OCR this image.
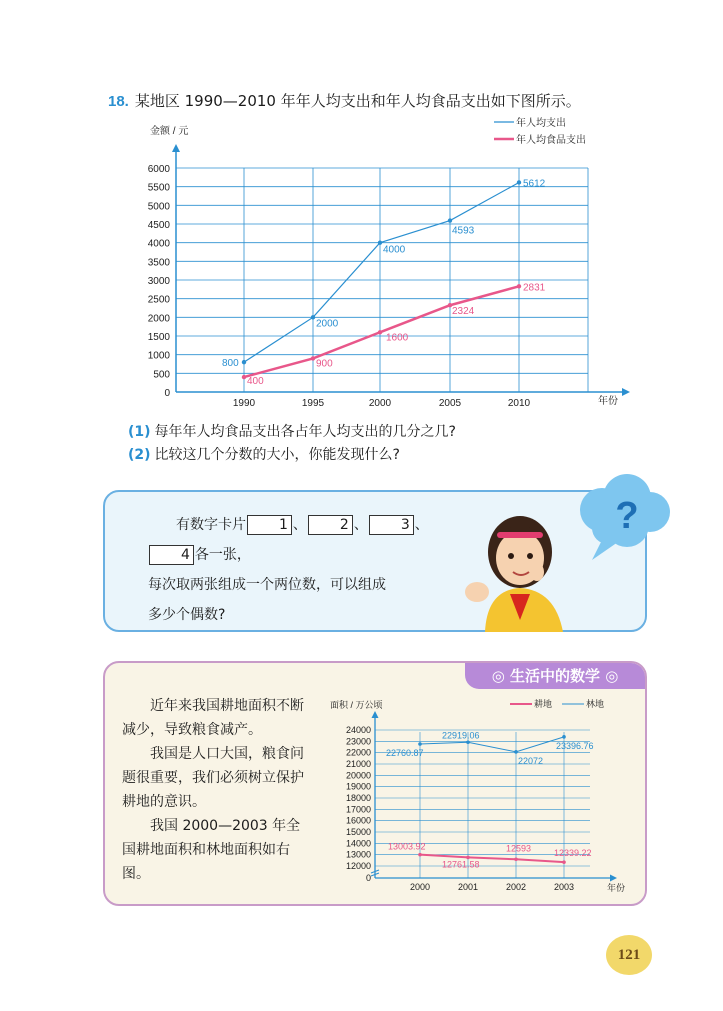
18. 某地区 1990—2010 年年人均支出和年人均食品支出如下图所示。
0
500
1000
1500
2000
2500
3000
3500
4000
4500
5000
5500
6000
1990	1995	2000	2005	2010
金额 / 元
年份
年人均支出
年人均食品支出
800
2000
4000
4593
5612
400
900
1600
2324
2831
(1) 每年年人均食品支出各占年人均支出的几分之几?
(2) 比较这几个分数的大小，你能发现什么?
有数字卡片 1 、 2 、 3 、4 各一张，
每次取两张组成一个两位数，可以组成
多少个偶数?
?
◎ 生活中的数学 ◎

近年来我国耕地面积不断减少，导致粮食减产。

我国是人口大国，粮食问题很重要，我们必须树立保护耕地的意识。

我国 2000—2003 年全国耕地面积和林地面积如右图。	0
12000
13000
14000
15000
16000
17000
18000
19000
20000
21000
22000
23000
24000
2000	2001	2002	2003
面积 / 万公顷
年份
耕地	林地
13003.92
12761.58
12593	12339.22
22760.87
22919.06
22072
23396.76
121
